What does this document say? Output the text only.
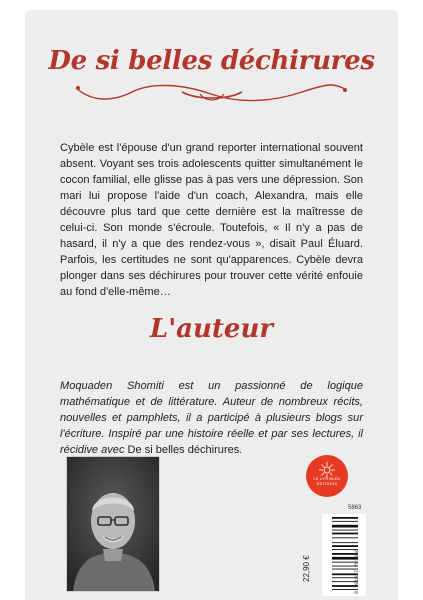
De si belles déchirures
Cybèle est l'épouse d'un grand reporter international souvent absent. Voyant ses trois adolescents quitter simultanément le cocon familial, elle glisse pas à pas vers une dépression. Son mari lui propose l'aide d'un coach, Alexandra, mais elle découvre plus tard que cette dernière est la maîtresse de celui-ci. Son monde s'écroule. Toutefois, « Il n'y a pas de hasard, il n'y a que des rendez-vous », disait Paul Éluard. Parfois, les certitudes ne sont qu'apparences. Cybèle devra plonger dans ses déchirures pour trouver cette vérité enfouie au fond d'elle-même…
L'auteur
Moquaden Shomiti est un passionné de logique mathématique et de littérature. Auteur de nombreux récits, nouvelles et pamphlets, il a participé à plusieurs blogs sur l'écriture. Inspiré par une histoire réelle et par ses lectures, il récidive avec De si belles déchirures.
LE LYS BLEU
ÉDITIONS
5863
22,90 €	9 791037 761366
